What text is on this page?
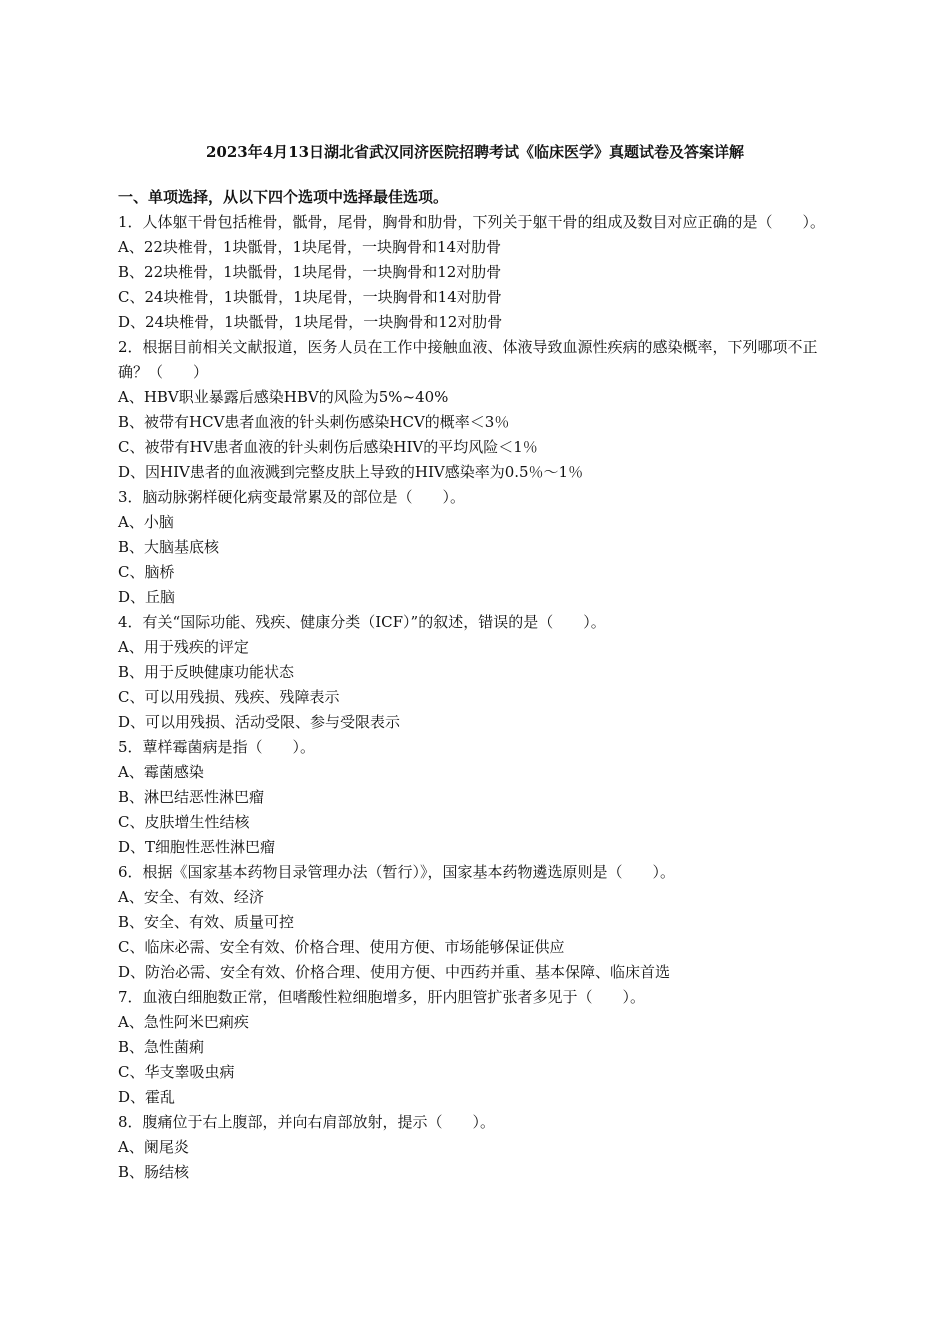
2023年4月13日湖北省武汉同济医院招聘考试《临床医学》真题试卷及答案详解
一、单项选择，从以下四个选项中选择最佳选项。
1．人体躯干骨包括椎骨，骶骨，尾骨，胸骨和肋骨，下列关于躯干骨的组成及数目对应正确的是（　　）。
A、22块椎骨，1块骶骨，1块尾骨，一块胸骨和14对肋骨
B、22块椎骨，1块骶骨，1块尾骨，一块胸骨和12对肋骨
C、24块椎骨，1块骶骨，1块尾骨，一块胸骨和14对肋骨
D、24块椎骨，1块骶骨，1块尾骨，一块胸骨和12对肋骨
2．根据目前相关文献报道，医务人员在工作中接触血液、体液导致血源性疾病的感染概率，下列哪项不正确？（　　）
A、HBV职业暴露后感染HBV的风险为5%~40%
B、被带有HCV患者血液的针头刺伤感染HCV的概率＜3％
C、被带有HV患者血液的针头刺伤后感染HIV的平均风险＜1％
D、因HIV患者的血液溅到完整皮肤上导致的HIV感染率为0.5％～1％
3．脑动脉粥样硬化病变最常累及的部位是（　　）。
A、小脑
B、大脑基底核
C、脑桥
D、丘脑
4．有关“国际功能、残疾、健康分类（ICF）”的叙述，错误的是（　　）。
A、用于残疾的评定
B、用于反映健康功能状态
C、可以用残损、残疾、残障表示
D、可以用残损、活动受限、参与受限表示
5．蕈样霉菌病是指（　　）。
A、霉菌感染
B、淋巴结恶性淋巴瘤
C、皮肤增生性结核
D、T细胞性恶性淋巴瘤
6．根据《国家基本药物目录管理办法（暂行）》，国家基本药物遴选原则是（　　）。
A、安全、有效、经济
B、安全、有效、质量可控
C、临床必需、安全有效、价格合理、使用方便、市场能够保证供应
D、防治必需、安全有效、价格合理、使用方便、中西药并重、基本保障、临床首选
7．血液白细胞数正常，但嗜酸性粒细胞增多，肝内胆管扩张者多见于（　　）。
A、急性阿米巴痢疾
B、急性菌痢
C、华支睾吸虫病
D、霍乱
8．腹痛位于右上腹部，并向右肩部放射，提示（　　）。
A、阑尾炎
B、肠结核
